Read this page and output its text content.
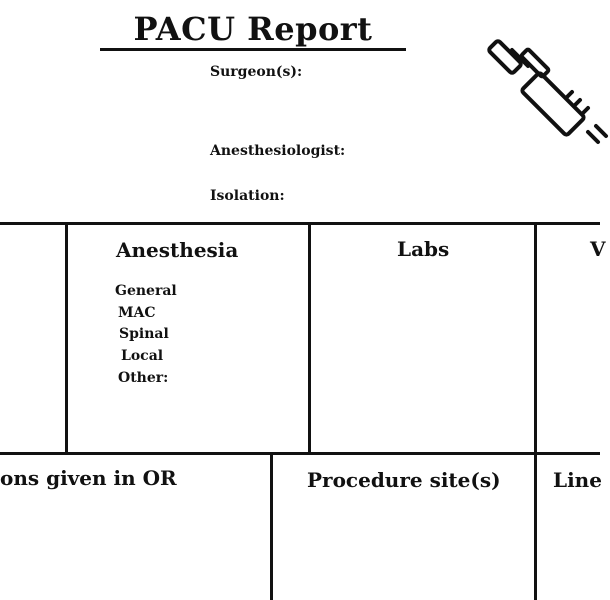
PACU Report
Surgeon(s):
Anesthesiologist:
Isolation:
Anesthesia
General
MAC
Spinal
Local
Other:
Labs	V
ons given in OR	Procedure site(s)	Line
